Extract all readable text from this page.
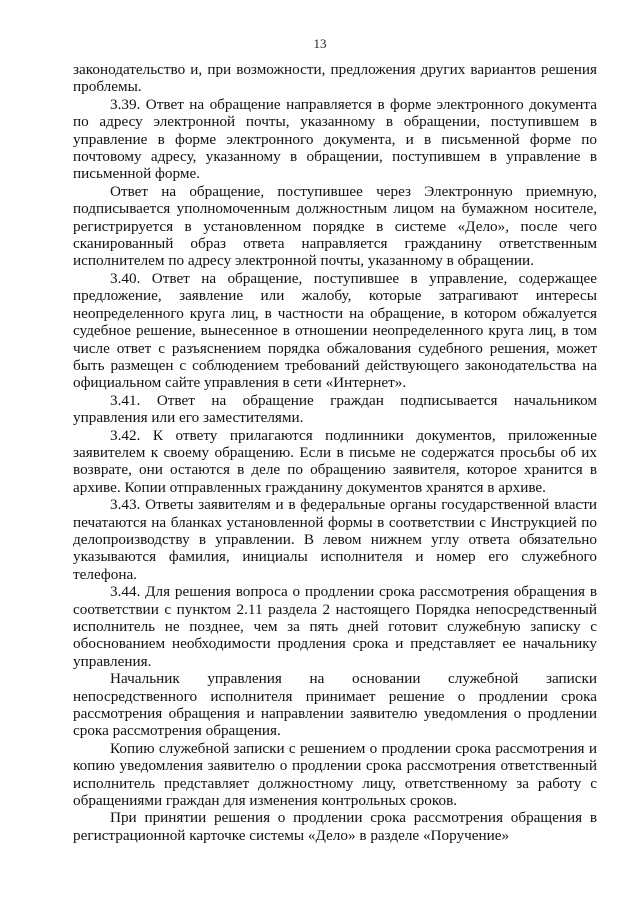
13

законодательство и, при возможности, предложения других вариантов решения проблемы.

3.39. Ответ на обращение направляется в форме электронного документа по адресу электронной почты, указанному в обращении, поступившем в управление в форме электронного документа, и в письменной форме по почтовому адресу, указанному в обращении, поступившем в управление в письменной форме.

Ответ на обращение, поступившее через Электронную приемную, подписывается уполномоченным должностным лицом на бумажном носителе, регистрируется в установленном порядке в системе «Дело», после чего сканированный образ ответа направляется гражданину ответственным исполнителем по адресу электронной почты, указанному в обращении.

3.40. Ответ на обращение, поступившее в управление, содержащее предложение, заявление или жалобу, которые затрагивают интересы неопределенного круга лиц, в частности на обращение, в котором обжалуется судебное решение, вынесенное в отношении неопределенного круга лиц, в том числе ответ с разъяснением порядка обжалования судебного решения, может быть размещен с соблюдением требований действующего законодательства на официальном сайте управления в сети «Интернет».

3.41. Ответ на обращение граждан подписывается начальником управления или его заместителями.

3.42. К ответу прилагаются подлинники документов, приложенные заявителем к своему обращению. Если в письме не содержатся просьбы об их возврате, они остаются в деле по обращению заявителя, которое хранится в архиве. Копии отправленных гражданину документов хранятся в архиве.

3.43. Ответы заявителям и в федеральные органы государственной власти печатаются на бланках установленной формы в соответствии с Инструкцией по делопроизводству в управлении. В левом нижнем углу ответа обязательно указываются фамилия, инициалы исполнителя и номер его служебного телефона.

3.44. Для решения вопроса о продлении срока рассмотрения обращения в соответствии с пунктом 2.11 раздела 2 настоящего Порядка непосредственный исполнитель не позднее, чем за пять дней готовит служебную записку с обоснованием необходимости продления срока и представляет ее начальнику управления.

Начальник управления на основании служебной записки непосредственного исполнителя принимает решение о продлении срока рассмотрения обращения и направлении заявителю уведомления о продлении срока рассмотрения обращения.

Копию служебной записки с решением о продлении срока рассмотрения и копию уведомления заявителю о продлении срока рассмотрения ответственный исполнитель представляет должностному лицу, ответственному за работу с обращениями граждан для изменения контрольных сроков.

При принятии решения о продлении срока рассмотрения обращения в регистрационной карточке системы «Дело» в разделе «Поручение»
